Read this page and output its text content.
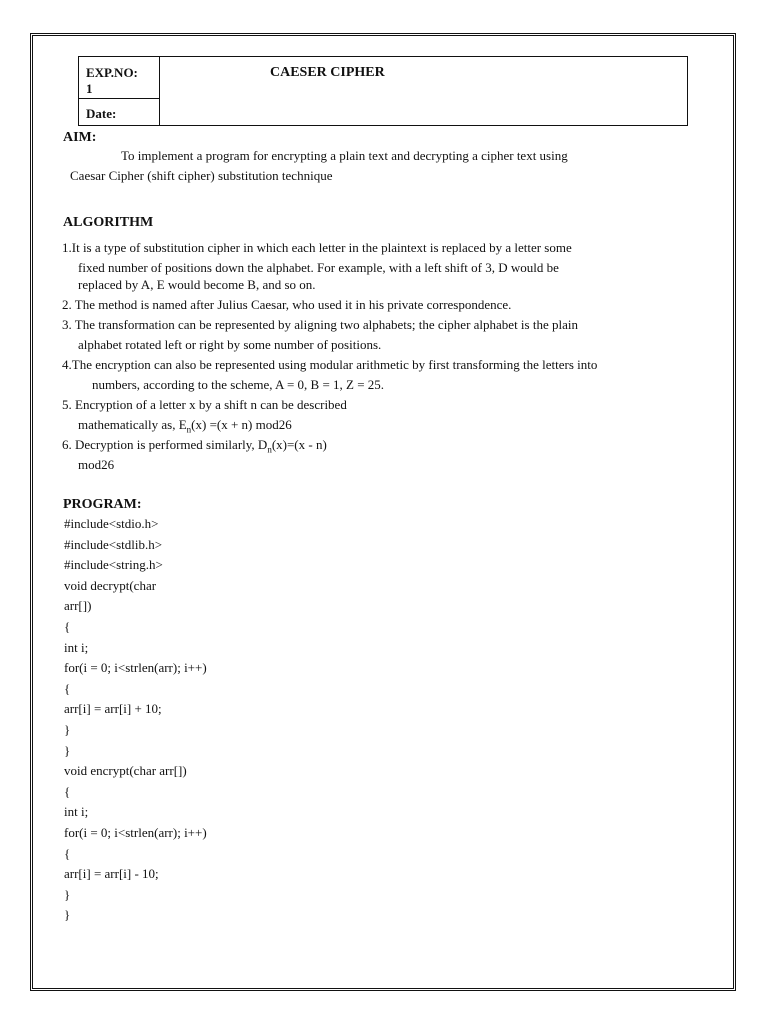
EXP.NO:
1
Date:
CAESER CIPHER
AIM:
To implement a program for encrypting a plain text and decrypting a cipher text using
Caesar Cipher (shift cipher) substitution technique
ALGORITHM
1.It is a type of substitution cipher in which each letter in the plaintext is replaced by a letter some
fixed number of positions down the alphabet. For example, with a left shift of 3, D would be
replaced by A, E would become B, and so on.
2. The method is named after Julius Caesar, who used it in his private correspondence.
3. The transformation can be represented by aligning two alphabets; the cipher alphabet is the plain
alphabet rotated left or right by some number of positions.
4.The encryption can also be represented using modular arithmetic by first transforming the letters into
numbers, according to the scheme, A = 0, B = 1, Z = 25.
5. Encryption of a letter x by a shift n can be described
mathematically as, $E_n(x) =(x + n)$ mod26
6. Decryption is performed similarly, $D_n(x)=(x - n)$
mod26
PROGRAM:
#include<stdio.h>
#include<stdlib.h>
#include<string.h>
void decrypt(char
arr[])
{
int i;
for(i = 0; i<strlen(arr); i++)
{
arr[i] = arr[i] + 10;
}
}
void encrypt(char arr[])
{
int i;
for(i = 0; i<strlen(arr); i++)
{
arr[i] = arr[i] - 10;
}
}
